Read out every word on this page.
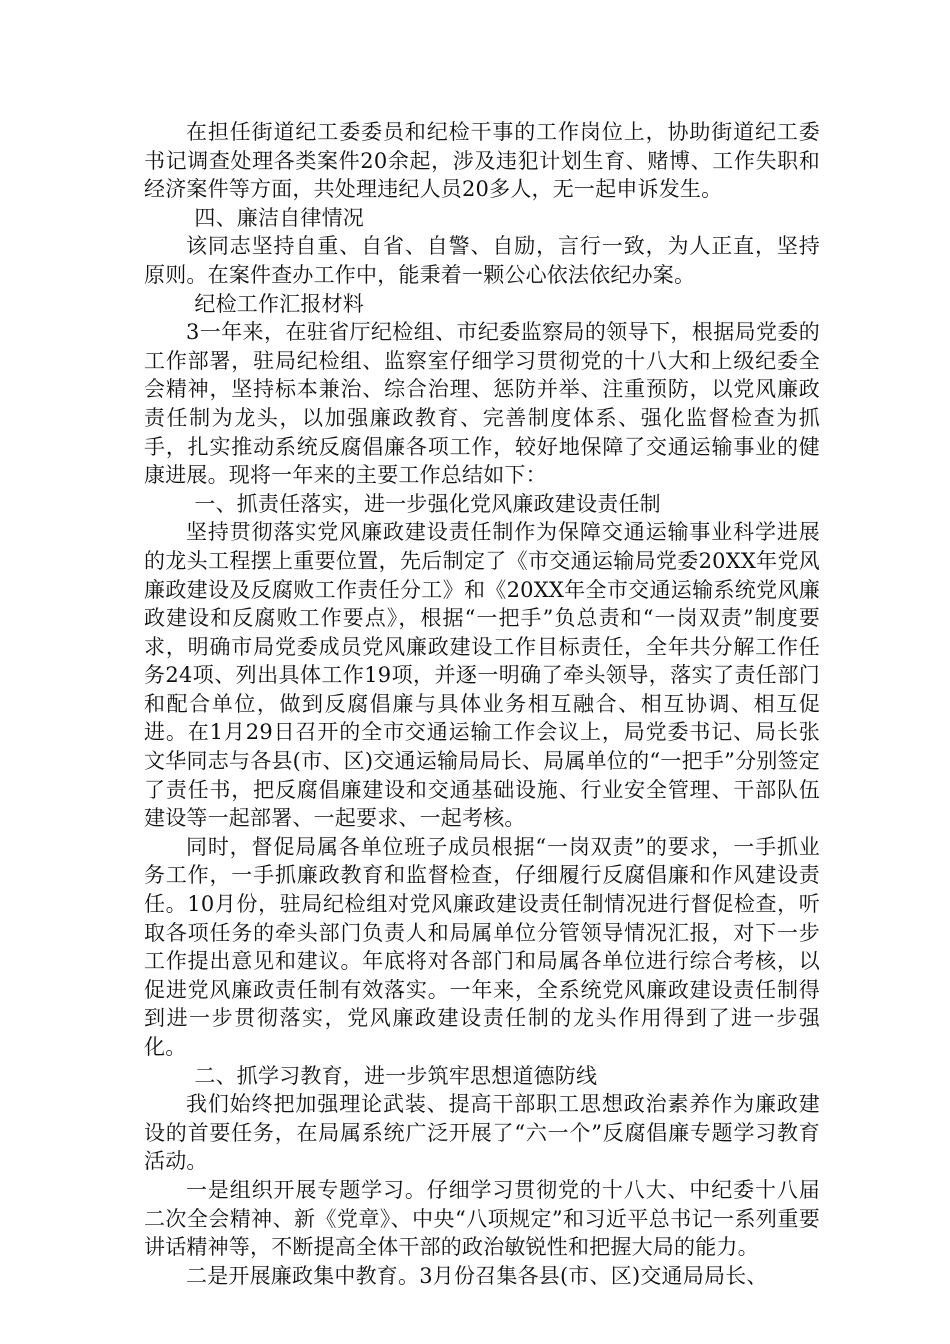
在担任街道纪工委委员和纪检干事的工作岗位上，协助街道纪工委书记调查处理各类案件20余起，涉及违犯计划生育、赌博、工作失职和经济案件等方面，共处理违纪人员20多人，无一起申诉发生。

四、廉洁自律情况

该同志坚持自重、自省、自警、自励，言行一致，为人正直，坚持原则。在案件查办工作中，能秉着一颗公心依法依纪办案。

纪检工作汇报材料

3一年来，在驻省厅纪检组、市纪委监察局的领导下，根据局党委的工作部署，驻局纪检组、监察室仔细学习贯彻党的十八大和上级纪委全会精神，坚持标本兼治、综合治理、惩防并举、注重预防，以党风廉政责任制为龙头，以加强廉政教育、完善制度体系、强化监督检查为抓手，扎实推动系统反腐倡廉各项工作，较好地保障了交通运输事业的健康进展。现将一年来的主要工作总结如下：

一、抓责任落实，进一步强化党风廉政建设责任制

坚持贯彻落实党风廉政建设责任制作为保障交通运输事业科学进展的龙头工程摆上重要位置，先后制定了《市交通运输局党委20XX年党风廉政建设及反腐败工作责任分工》和《20XX年全市交通运输系统党风廉政建设和反腐败工作要点》，根据“一把手”负总责和“一岗双责”制度要求，明确市局党委成员党风廉政建设工作目标责任，全年共分解工作任务24项、列出具体工作19项，并逐一明确了牵头领导，落实了责任部门和配合单位，做到反腐倡廉与具体业务相互融合、相互协调、相互促进。在1月29日召开的全市交通运输工作会议上，局党委书记、局长张文华同志与各县(市、区)交通运输局局长、局属单位的“一把手”分别签定了责任书，把反腐倡廉建设和交通基础设施、行业安全管理、干部队伍建设等一起部署、一起要求、一起考核。

同时，督促局属各单位班子成员根据“一岗双责”的要求，一手抓业务工作，一手抓廉政教育和监督检查，仔细履行反腐倡廉和作风建设责任。10月份，驻局纪检组对党风廉政建设责任制情况进行督促检查，听取各项任务的牵头部门负责人和局属单位分管领导情况汇报，对下一步工作提出意见和建议。年底将对各部门和局属各单位进行综合考核，以促进党风廉政责任制有效落实。一年来，全系统党风廉政建设责任制得到进一步贯彻落实，党风廉政建设责任制的龙头作用得到了进一步强化。

二、抓学习教育，进一步筑牢思想道德防线

我们始终把加强理论武装、提高干部职工思想政治素养作为廉政建设的首要任务，在局属系统广泛开展了“六一个”反腐倡廉专题学习教育活动。

一是组织开展专题学习。仔细学习贯彻党的十八大、中纪委十八届二次全会精神、新《党章》、中央“八项规定”和习近平总书记一系列重要讲话精神等，不断提高全体干部的政治敏锐性和把握大局的能力。

二是开展廉政集中教育。3月份召集各县(市、区)交通局局长、
